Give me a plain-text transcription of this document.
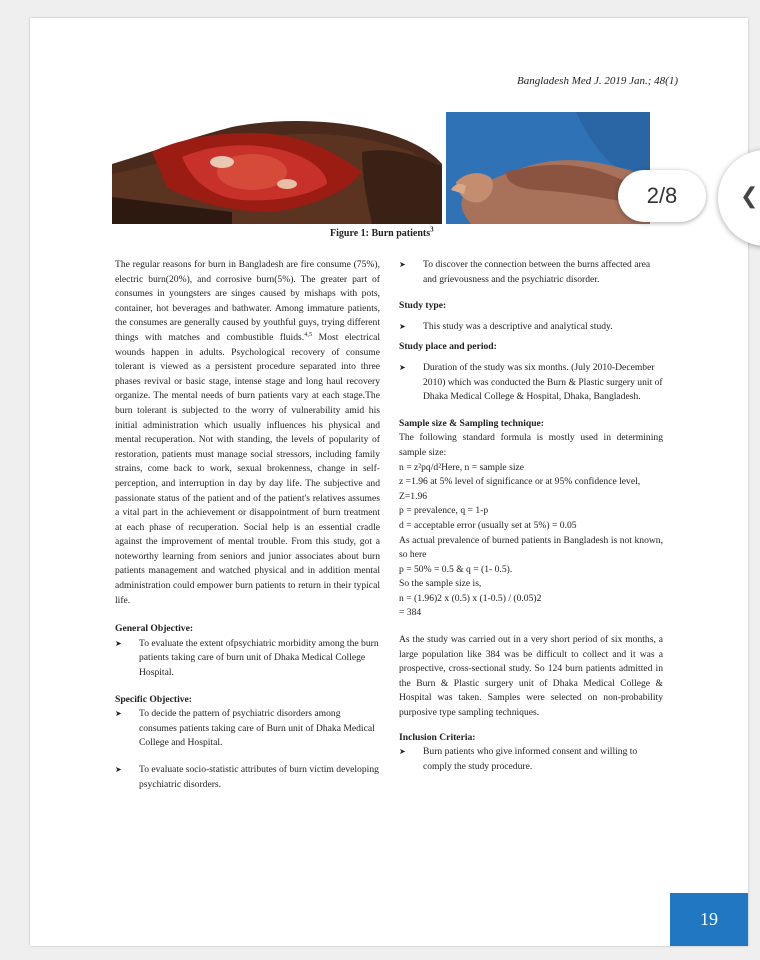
Bangladesh Med J. 2019 Jan.; 48(1)
Figure 1: Burn patients$^3$
❮
2/8

The regular reasons for burn in Bangladesh are fire consume (75%), electric burn(20%), and corrosive burn(5%). The greater part of consumes in youngsters are singes caused by mishaps with pots, container, hot beverages and bathwater. Among immature patients, the consumes are generally caused by youthful guys, trying different things with matches and combustible fluids.$^{4,5}$ Most electrical wounds happen in adults. Psychological recovery of consume tolerant is viewed as a persistent procedure separated into three phases revival or basic stage, intense stage and long haul recovery organize. The mental needs of burn patients vary at each stage.The burn tolerant is subjected to the worry of vulnerability amid his initial administration which usually influences his physical and mental recuperation. Not with standing, the levels of popularity of restoration, patients must manage social stressors, including family strains, come back to work, sexual brokenness, change in self-perception, and interruption in day by day life. The subjective and passionate status of the patient and of the patient's relatives assumes a vital part in the achievement or disappointment of burn treatment at each phase of recuperation. Social help is an essential cradle against the improvement of mental trouble. From this study, got a noteworthy learning from seniors and junior associates about burn patients management and watched physical and in addition mental administration could empower burn patients to return in their typical life.

General Objective:
➤	To evaluate the extent ofpsychiatric morbidity among the burn patients taking care of burn unit of Dhaka Medical College Hospital.
Specific Objective:
➤	To decide the pattern of psychiatric disorders among consumes patients taking care of Burn unit of Dhaka Medical College and Hospital.
➤	To evaluate socio-statistic attributes of burn victim developing psychiatric disorders.
➤	To discover the connection between the burns affected area and grievousness and the psychiatric disorder.
Study type:
➤	This study was a descriptive and analytical study.
Study place and period:
➤	Duration of the study was six months. (July 2010-December 2010) which was conducted the Burn & Plastic surgery unit of Dhaka Medical College & Hospital, Dhaka, Bangladesh.
Sample size & Sampling technique:

The following standard formula is mostly used in determining sample size:

n = z²pq/d²Here, n = sample size
z =1.96 at 5% level of significance or at 95% confidence level, Z=1.96
p = prevalence, q = 1-p
d = acceptable error (usually set at 5%) = 0.05

As actual prevalence of burned patients in Bangladesh is not known, so here

p = 50% = 0.5 & q = (1- 0.5).
So the sample size is,
n = (1.96)2 x (0.5) x (1-0.5) / (0.05)2
= 384

As the study was carried out in a very short period of six months, a large population like 384 was be difficult to collect and it was a prospective, cross-sectional study. So 124 burn patients admitted in the Burn & Plastic surgery unit of Dhaka Medical College & Hospital was taken. Samples were selected on non-probability purposive type sampling techniques.

Inclusion Criteria:
➤	Burn patients who give informed consent and willing to comply the study procedure.
19
